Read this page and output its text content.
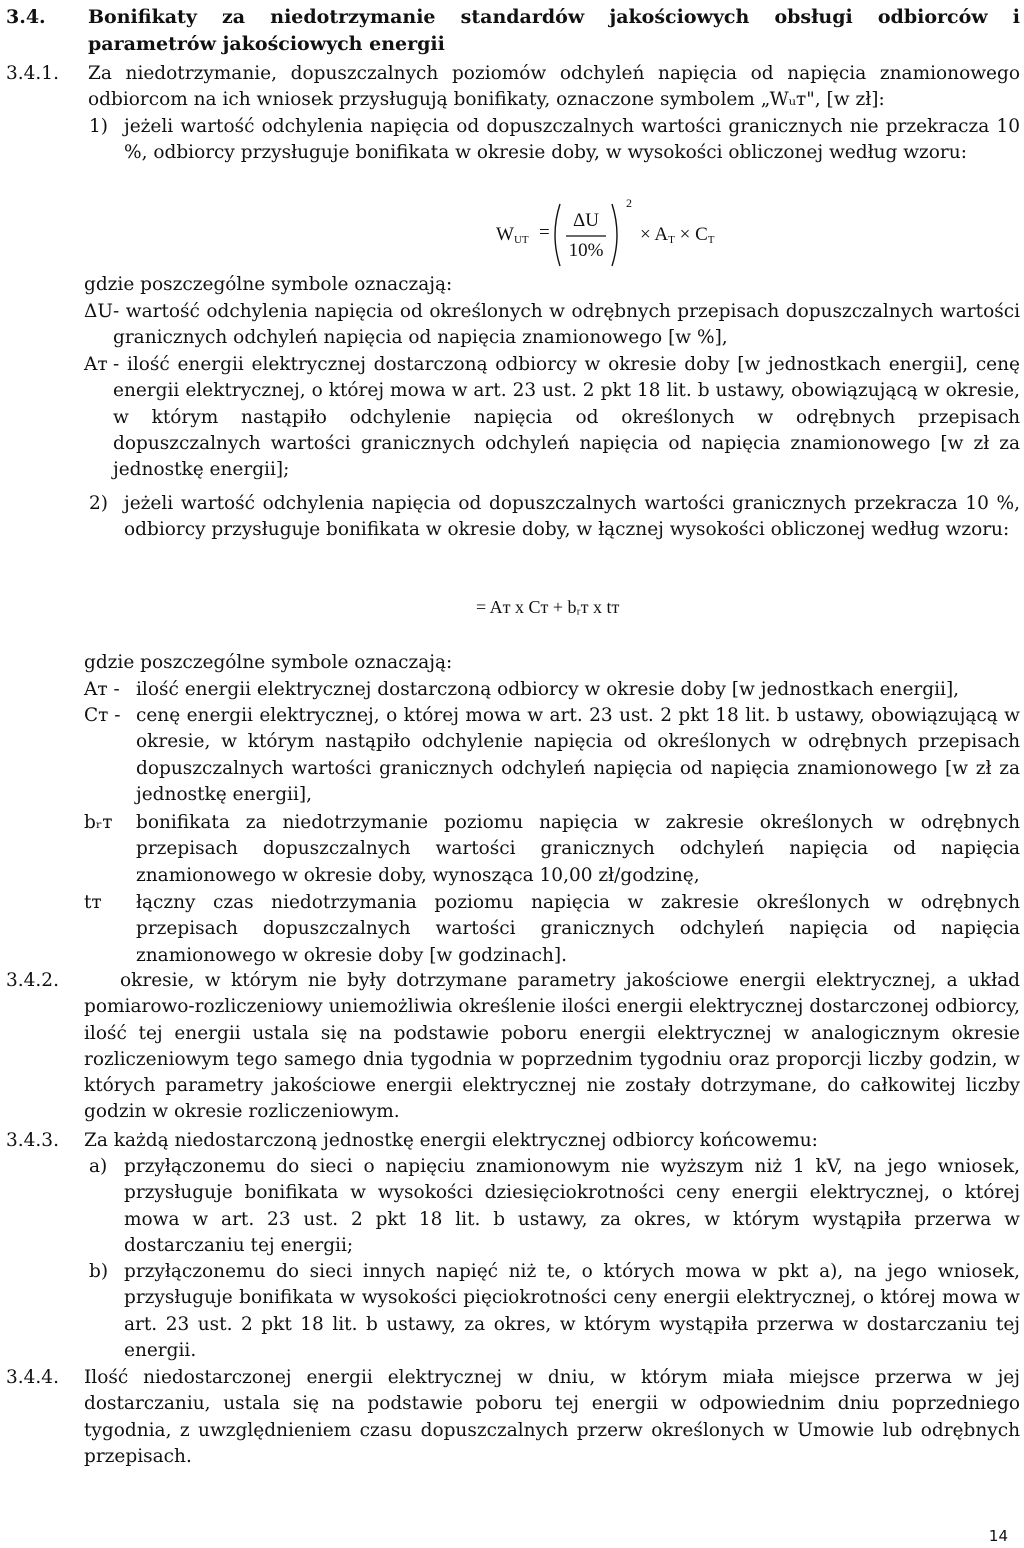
3.4. Bonifikaty za niedotrzymanie standardów jakościowych obsługi odbiorców i parametrów jakościowych energii

3.4.1. Za niedotrzymanie, dopuszczalnych poziomów odchyleń napięcia od napięcia znamionowego odbiorcom na ich wniosek przysługują bonifikaty, oznaczone symbolem „Wᵤᴛ", [w zł]:

1) jeżeli wartość odchylenia napięcia od dopuszczalnych wartości granicznych nie przekracza 10 %, odbiorcy przysługuje bonifikata w okresie doby, w wysokości obliczonej według wzoru:

$W_{UT}$ =
ΔU
10%
2
× $A_T \times C_T$

gdzie poszczególne symbole oznaczają:

ΔU - wartość odchylenia napięcia od określonych w odrębnych przepisach dopuszczalnych wartości granicznych odchyleń napięcia od napięcia znamionowego [w %],

Aᴛ - ilość energii elektrycznej dostarczoną odbiorcy w okresie doby [w jednostkach energii], cenę energii elektrycznej, o której mowa w art. 23 ust. 2 pkt 18 lit. b ustawy, obowiązującą w okresie, w którym nastąpiło odchylenie napięcia od określonych w odrębnych przepisach dopuszczalnych wartości granicznych odchyleń napięcia od napięcia znamionowego [w zł za jednostkę energii];

2) jeżeli wartość odchylenia napięcia od dopuszczalnych wartości granicznych przekracza 10 %, odbiorcy przysługuje bonifikata w okresie doby, w łącznej wysokości obliczonej według wzoru:

= Aᴛ x Cᴛ + bᵣᴛ x tᴛ

gdzie poszczególne symbole oznaczają:

Aᴛ - ilość energii elektrycznej dostarczoną odbiorcy w okresie doby [w jednostkach energii],

Cᴛ - cenę energii elektrycznej, o której mowa w art. 23 ust. 2 pkt 18 lit. b ustawy, obowiązującą w okresie, w którym nastąpiło odchylenie napięcia od określonych w odrębnych przepisach dopuszczalnych wartości granicznych odchyleń napięcia od napięcia znamionowego [w zł za jednostkę energii],

bᵣᴛ bonifikata za niedotrzymanie poziomu napięcia w zakresie określonych w odrębnych przepisach dopuszczalnych wartości granicznych odchyleń napięcia od napięcia znamionowego w okresie doby, wynosząca 10,00 zł/godzinę,

tᴛ łączny czas niedotrzymania poziomu napięcia w zakresie określonych w odrębnych przepisach dopuszczalnych wartości granicznych odchyleń napięcia od napięcia znamionowego w okresie doby [w godzinach].

3.4.2.	okresie, w którym nie były dotrzymane parametry jakościowe energii elektrycznej, a układ pomiarowo-rozliczeniowy uniemożliwia określenie ilości energii elektrycznej dostarczonej odbiorcy, ilość tej energii ustala się na podstawie poboru energii elektrycznej w analogicznym okresie rozliczeniowym tego samego dnia tygodnia w poprzednim tygodniu oraz proporcji liczby godzin, w których parametry jakościowe energii elektrycznej nie zostały dotrzymane, do całkowitej liczby godzin w okresie rozliczeniowym.

3.4.3. Za każdą niedostarczoną jednostkę energii elektrycznej odbiorcy końcowemu:

a) przyłączonemu do sieci o napięciu znamionowym nie wyższym niż 1 kV, na jego wniosek, przysługuje bonifikata w wysokości dziesięciokrotności ceny energii elektrycznej, o której mowa w art. 23 ust. 2 pkt 18 lit. b ustawy, za okres, w którym wystąpiła przerwa w dostarczaniu tej energii;

b) przyłączonemu do sieci innych napięć niż te, o których mowa w pkt a), na jego wniosek, przysługuje bonifikata w wysokości pięciokrotności ceny energii elektrycznej, o której mowa w art. 23 ust. 2 pkt 18 lit. b ustawy, za okres, w którym wystąpiła przerwa w dostarczaniu tej energii.

3.4.4. Ilość niedostarczonej energii elektrycznej w dniu, w którym miała miejsce przerwa w jej dostarczaniu, ustala się na podstawie poboru tej energii w odpowiednim dniu poprzedniego tygodnia, z uwzględnieniem czasu dopuszczalnych przerw określonych w Umowie lub odrębnych przepisach.

14
